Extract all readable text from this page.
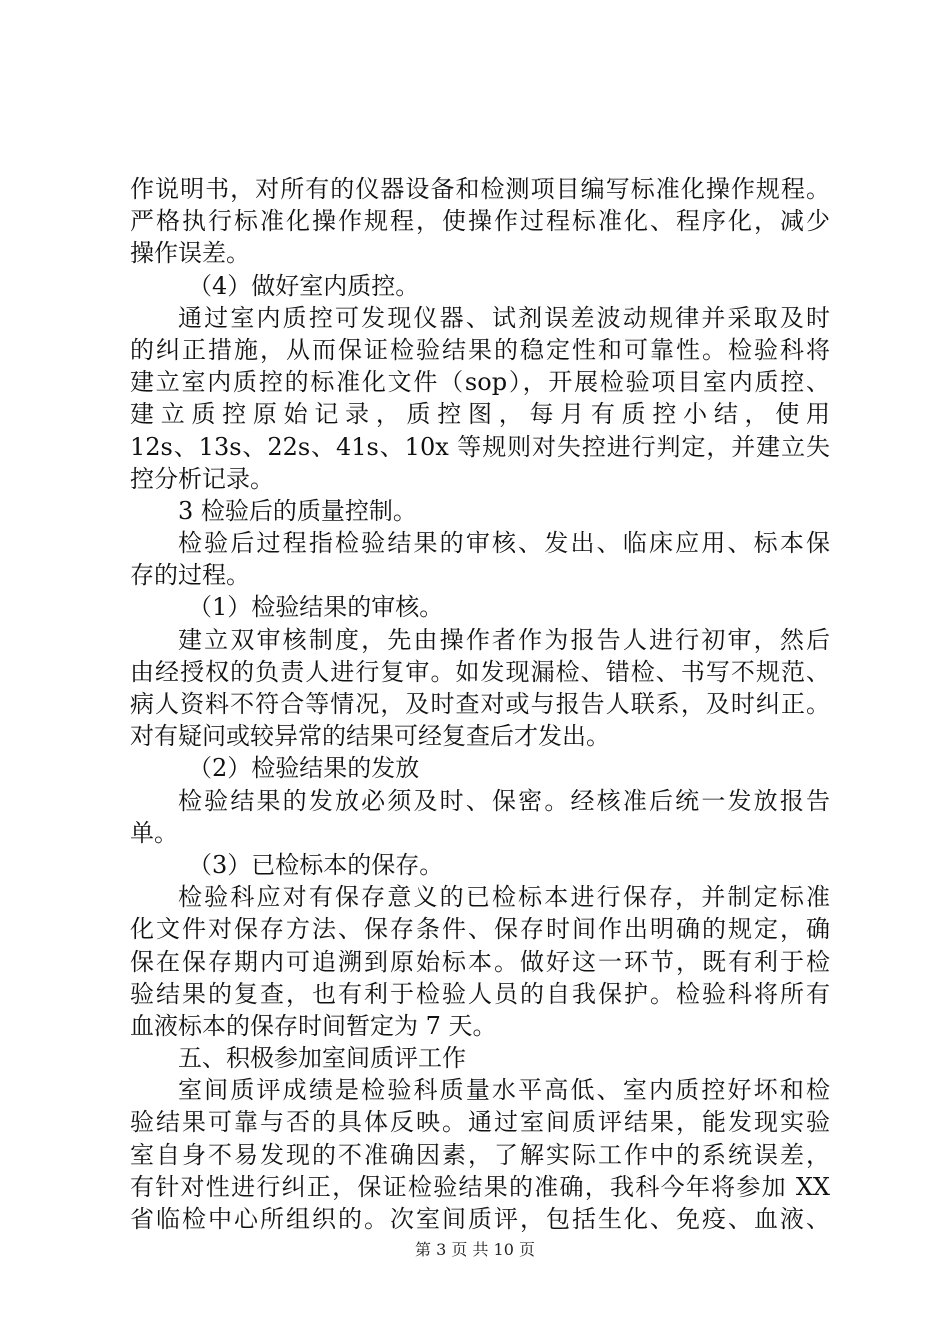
作说明书，对所有的仪器设备和检测项目编写标准化操作规程。
严格执行标准化操作规程，使操作过程标准化、程序化，减少
操作误差。
（4）做好室内质控。
通过室内质控可发现仪器、试剂误差波动规律并采取及时
的纠正措施，从而保证检验结果的稳定性和可靠性。检验科将
建立室内质控的标准化文件（sop），开展检验项目室内质控、
建立质控原始记录，质控图，每月有质控小结，使用
12s、13s、22s、41s、10x 等规则对失控进行判定，并建立失
控分析记录。
3 检验后的质量控制。
检验后过程指检验结果的审核、发出、临床应用、标本保
存的过程。
（1）检验结果的审核。
建立双审核制度，先由操作者作为报告人进行初审，然后
由经授权的负责人进行复审。如发现漏检、错检、书写不规范、
病人资料不符合等情况，及时查对或与报告人联系，及时纠正。
对有疑问或较异常的结果可经复查后才发出。
（2）检验结果的发放
检验结果的发放必须及时、保密。经核准后统一发放报告
单。
（3）已检标本的保存。
检验科应对有保存意义的已检标本进行保存，并制定标准
化文件对保存方法、保存条件、保存时间作出明确的规定，确
保在保存期内可追溯到原始标本。做好这一环节，既有利于检
验结果的复查，也有利于检验人员的自我保护。检验科将所有
血液标本的保存时间暂定为 7 天。
五、积极参加室间质评工作
室间质评成绩是检验科质量水平高低、室内质控好坏和检
验结果可靠与否的具体反映。通过室间质评结果，能发现实验
室自身不易发现的不准确因素，了解实际工作中的系统误差，
有针对性进行纠正，保证检验结果的准确，我科今年将参加 XX
省临检中心所组织的。次室间质评，包括生化、免疫、血液、
第 3 页 共 10 页
